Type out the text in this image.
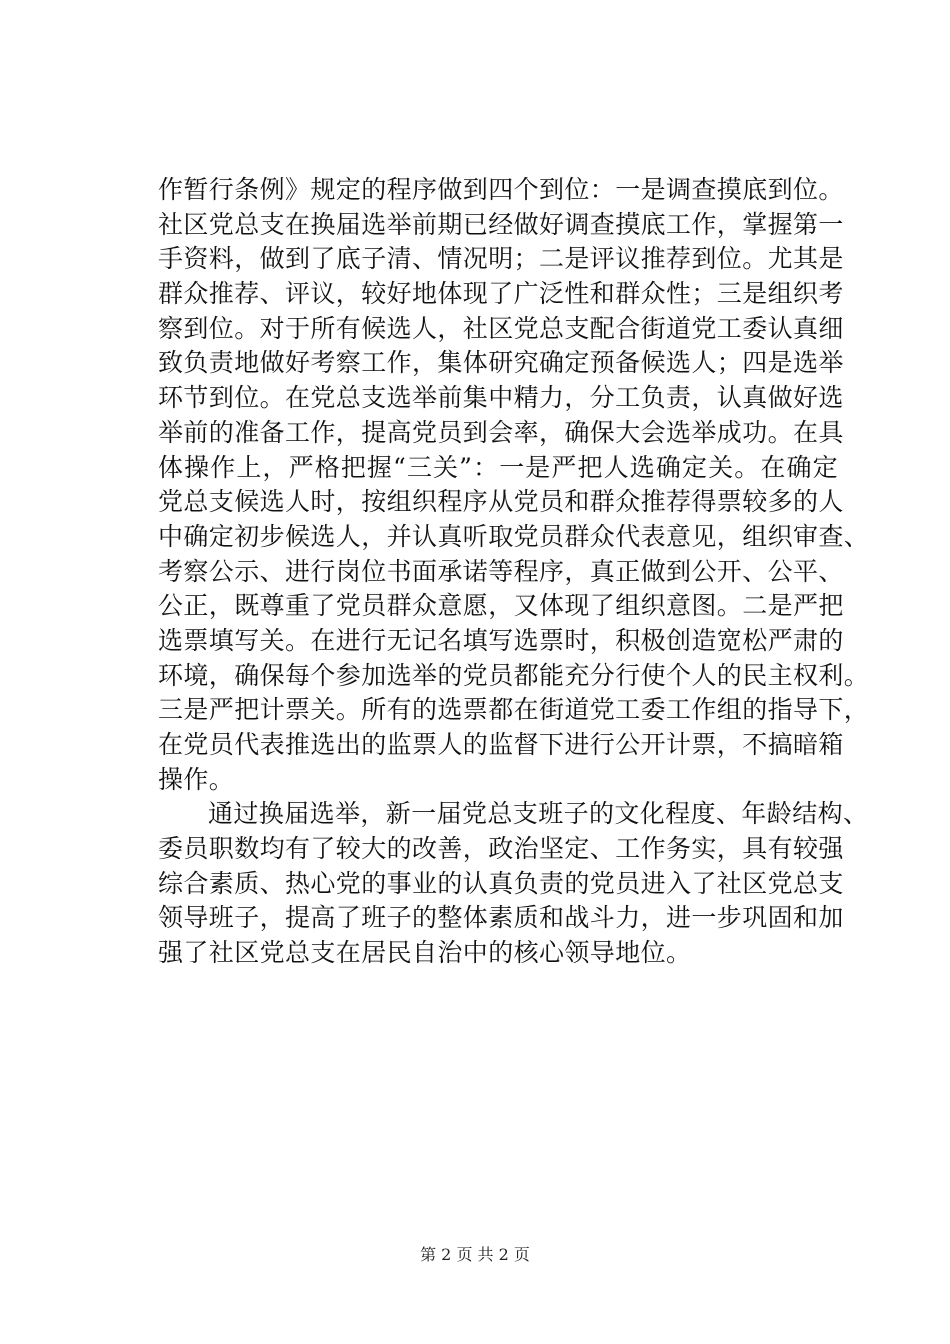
作暂行条例》规定的程序做到四个到位：一是调查摸底到位。
社区党总支在换届选举前期已经做好调查摸底工作，掌握第一
手资料，做到了底子清、情况明；二是评议推荐到位。尤其是
群众推荐、评议，较好地体现了广泛性和群众性；三是组织考
察到位。对于所有候选人，社区党总支配合街道党工委认真细
致负责地做好考察工作，集体研究确定预备候选人；四是选举
环节到位。在党总支选举前集中精力，分工负责，认真做好选
举前的准备工作，提高党员到会率，确保大会选举成功。在具
体操作上，严格把握“三关”：一是严把人选确定关。在确定
党总支候选人时，按组织程序从党员和群众推荐得票较多的人
中确定初步候选人，并认真听取党员群众代表意见，组织审查、
考察公示、进行岗位书面承诺等程序，真正做到公开、公平、
公正，既尊重了党员群众意愿，又体现了组织意图。二是严把
选票填写关。在进行无记名填写选票时，积极创造宽松严肃的
环境，确保每个参加选举的党员都能充分行使个人的民主权利。
三是严把计票关。所有的选票都在街道党工委工作组的指导下，
在党员代表推选出的监票人的监督下进行公开计票，不搞暗箱
操作。
通过换届选举，新一届党总支班子的文化程度、年龄结构、
委员职数均有了较大的改善，政治坚定、工作务实，具有较强
综合素质、热心党的事业的认真负责的党员进入了社区党总支
领导班子，提高了班子的整体素质和战斗力，进一步巩固和加
强了社区党总支在居民自治中的核心领导地位。
第 2 页 共 2 页
